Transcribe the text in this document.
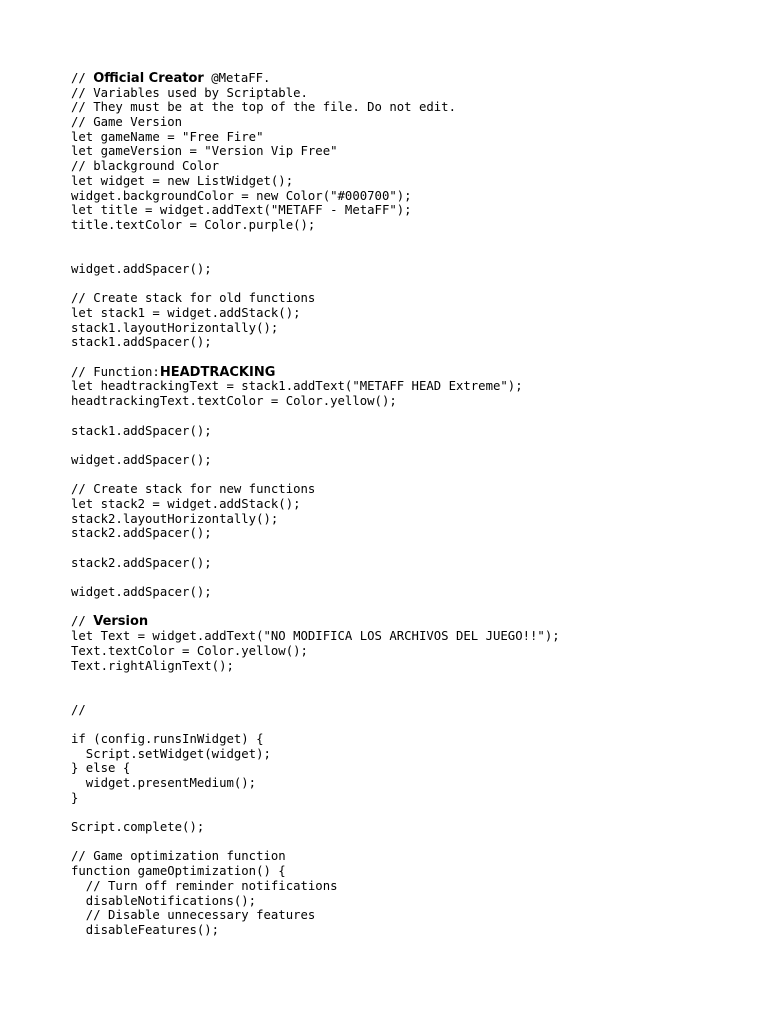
// Official Creator @MetaFF.
// Variables used by Scriptable.
// They must be at the top of the file. Do not edit.
// Game Version
let gameName = "Free Fire"
let gameVersion = "Version Vip Free"
// blackground Color
let widget = new ListWidget();
widget.backgroundColor = new Color("#000700");
let title = widget.addText("METAFF - MetaFF");
title.textColor = Color.purple();
widget.addSpacer();
// Create stack for old functions
let stack1 = widget.addStack();
stack1.layoutHorizontally();
stack1.addSpacer();
// Function:HEADTRACKING
let headtrackingText = stack1.addText("METAFF HEAD Extreme");
headtrackingText.textColor = Color.yellow();
stack1.addSpacer();
widget.addSpacer();
// Create stack for new functions
let stack2 = widget.addStack();
stack2.layoutHorizontally();
stack2.addSpacer();
stack2.addSpacer();
widget.addSpacer();
// Version
let Text = widget.addText("NO MODIFICA LOS ARCHIVOS DEL JUEGO!!");
Text.textColor = Color.yellow();
Text.rightAlignText();
//
if (config.runsInWidget) {
Script.setWidget(widget);
} else {
widget.presentMedium();
}
Script.complete();
// Game optimization function
function gameOptimization() {
// Turn off reminder notifications
disableNotifications();
// Disable unnecessary features
disableFeatures();
